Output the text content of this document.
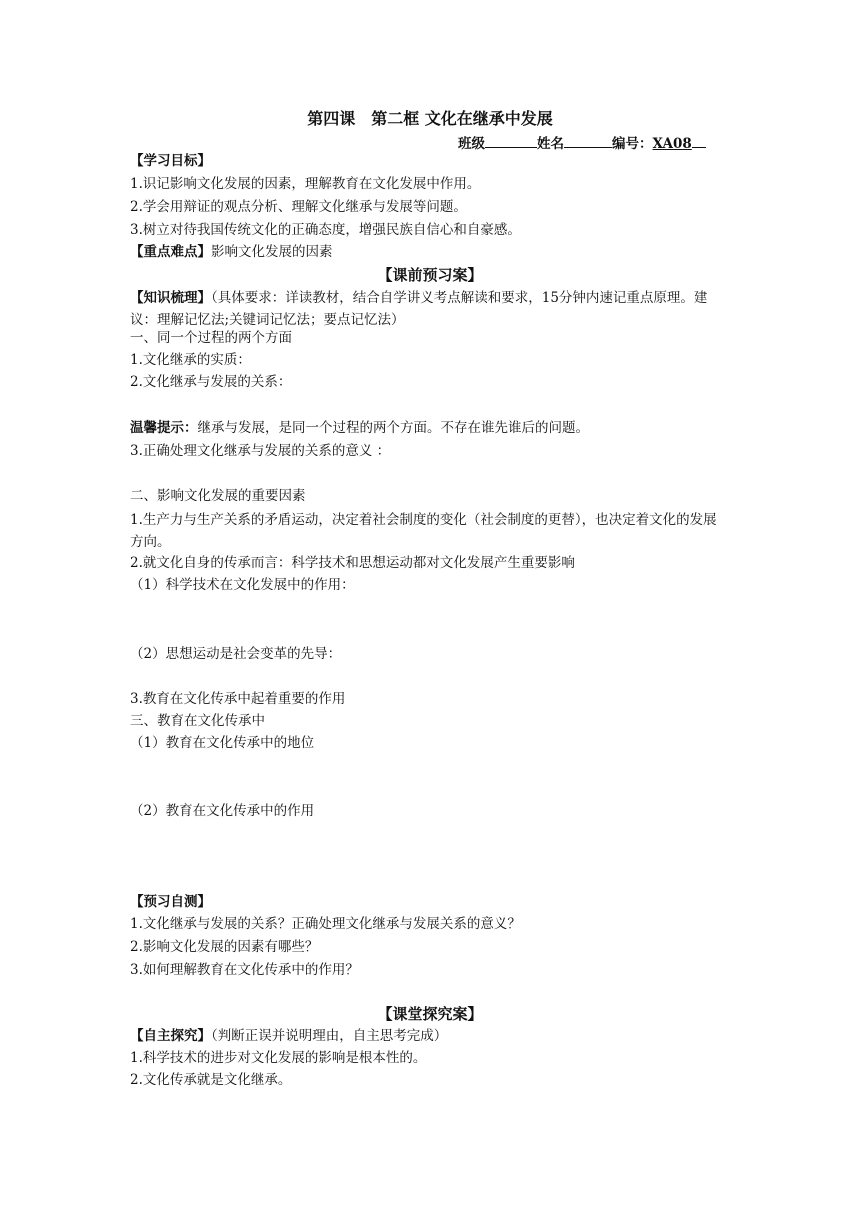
第四课　第二框 文化在继承中发展
班级	姓名	编号：XA08
【学习目标】
1.识记影响文化发展的因素，理解教育在文化发展中作用。
2.学会用辩证的观点分析、理解文化继承与发展等问题。
3.树立对待我国传统文化的正确态度，增强民族自信心和自豪感。
【重点难点】影响文化发展的因素
【课前预习案】
【知识梳理】（具体要求：详读教材，结合自学讲义考点解读和要求，15分钟内速记重点原理。建议：理解记忆法;关键词记忆法；要点记忆法）
一、同一个过程的两个方面
1.文化继承的实质：
2.文化继承与发展的关系：
温馨提示：继承与发展，是同一个过程的两个方面。不存在谁先谁后的问题。
3.正确处理文化继承与发展的关系的意义 ：
二、影响文化发展的重要因素
1.生产力与生产关系的矛盾运动，决定着社会制度的变化（社会制度的更替），也决定着文化的发展方向。
2.就文化自身的传承而言：科学技术和思想运动都对文化发展产生重要影响
（1）科学技术在文化发展中的作用：
（2）思想运动是社会变革的先导：
3.教育在文化传承中起着重要的作用
三、教育在文化传承中
（1）教育在文化传承中的地位
（2）教育在文化传承中的作用
【预习自测】
1.文化继承与发展的关系？正确处理文化继承与发展关系的意义？
2.影响文化发展的因素有哪些？
3.如何理解教育在文化传承中的作用？
【课堂探究案】
【自主探究】（判断正误并说明理由，自主思考完成）
1.科学技术的进步对文化发展的影响是根本性的。
2.文化传承就是文化继承。
